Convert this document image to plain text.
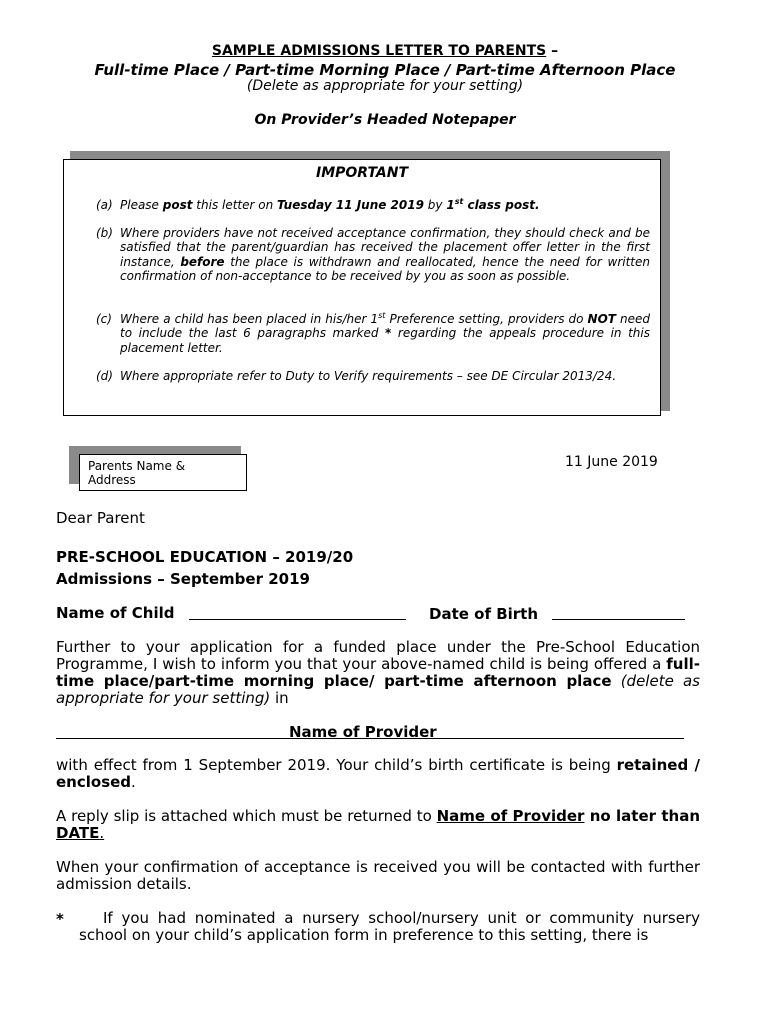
SAMPLE ADMISSIONS LETTER TO PARENTS –
Full-time Place / Part-time Morning Place / Part-time Afternoon Place
(Delete as appropriate for your setting)
On Provider’s Headed Notepaper
IMPORTANT
(a) Please post this letter on Tuesday 11 June 2019 by 1st class post.
(b) Where providers have not received acceptance confirmation, they should check and be satisfied that the parent/guardian has received the placement offer letter in the first instance, before the place is withdrawn and reallocated, hence the need for written confirmation of non-acceptance to be received by you as soon as possible.
(c) Where a child has been placed in his/her 1st Preference setting, providers do NOT need to include the last 6 paragraphs marked * regarding the appeals procedure in this placement letter.
(d) Where appropriate refer to Duty to Verify requirements – see DE Circular 2013/24.
Parents Name &
Address
11 June 2019
Dear Parent
PRE-SCHOOL EDUCATION – 2019/20
Admissions – September 2019
Name of Child	Date of Birth
Further to your application for a funded place under the Pre-School Education Programme, I wish to inform you that your above-named child is being offered a full-time place/part-time morning place/ part-time afternoon place (delete as appropriate for your setting) in
Name of Provider
with effect from 1 September 2019. Your child’s birth certificate is being retained / enclosed.
A reply slip is attached which must be returned to Name of Provider no later than DATE.
When your confirmation of acceptance is received you will be contacted with further admission details.
*	If you had nominated a nursery school/nursery unit or community nursery school on your child’s application form in preference to this setting, there is
